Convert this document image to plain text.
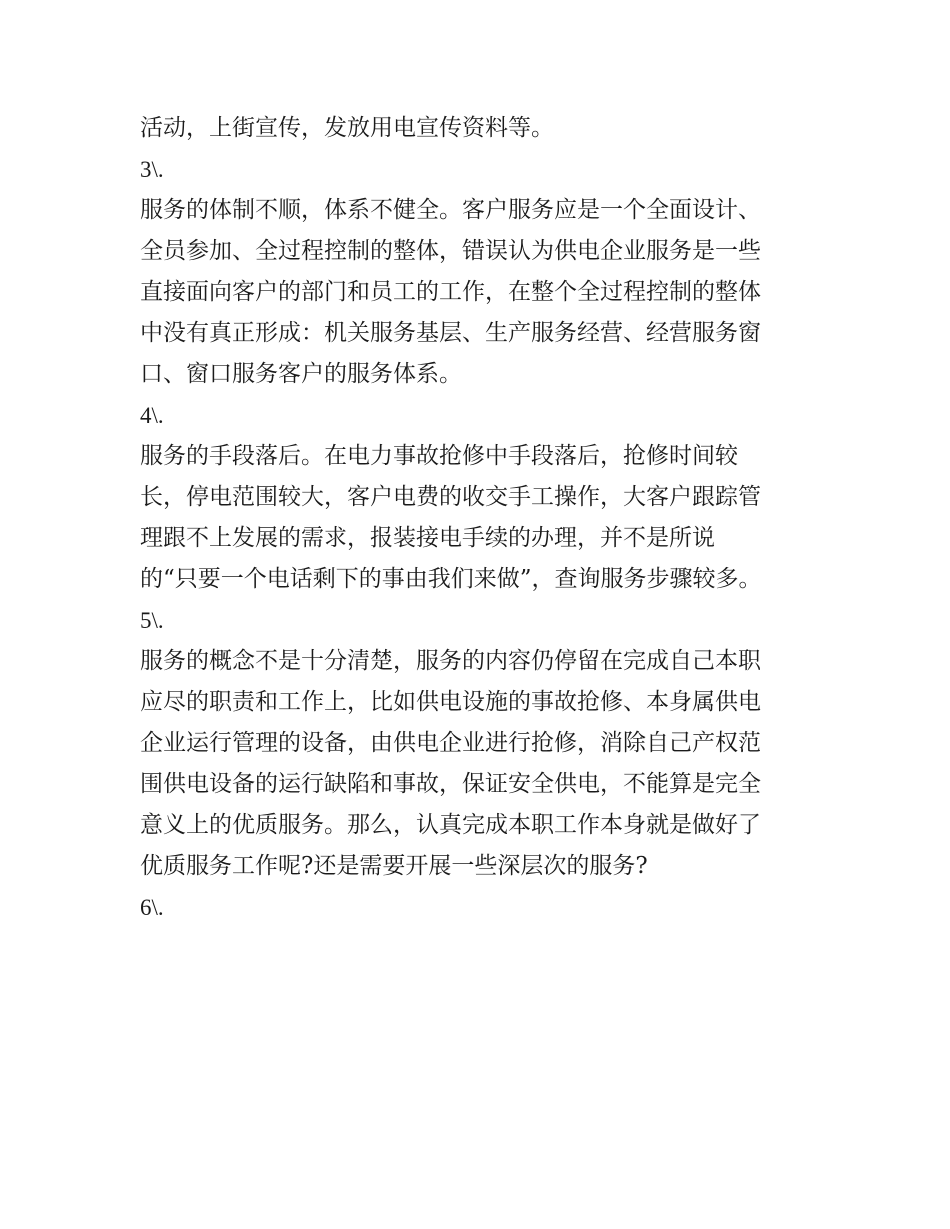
活动，上街宣传，发放用电宣传资料等。

3\.

服务的体制不顺，体系不健全。客户服务应是一个全面设计、
全员参加、全过程控制的整体，错误认为供电企业服务是一些
直接面向客户的部门和员工的工作，在整个全过程控制的整体
中没有真正形成：机关服务基层、生产服务经营、经营服务窗
口、窗口服务客户的服务体系。

4\.

服务的手段落后。在电力事故抢修中手段落后，抢修时间较
长，停电范围较大，客户电费的收交手工操作，大客户跟踪管
理跟不上发展的需求，报装接电手续的办理，并不是所说
的“只要一个电话剩下的事由我们来做”，查询服务步骤较多。

5\.

服务的概念不是十分清楚，服务的内容仍停留在完成自己本职
应尽的职责和工作上，比如供电设施的事故抢修、本身属供电
企业运行管理的设备，由供电企业进行抢修，消除自己产权范
围供电设备的运行缺陷和事故，保证安全供电，不能算是完全
意义上的优质服务。那么，认真完成本职工作本身就是做好了
优质服务工作呢?还是需要开展一些深层次的服务?

6\.
